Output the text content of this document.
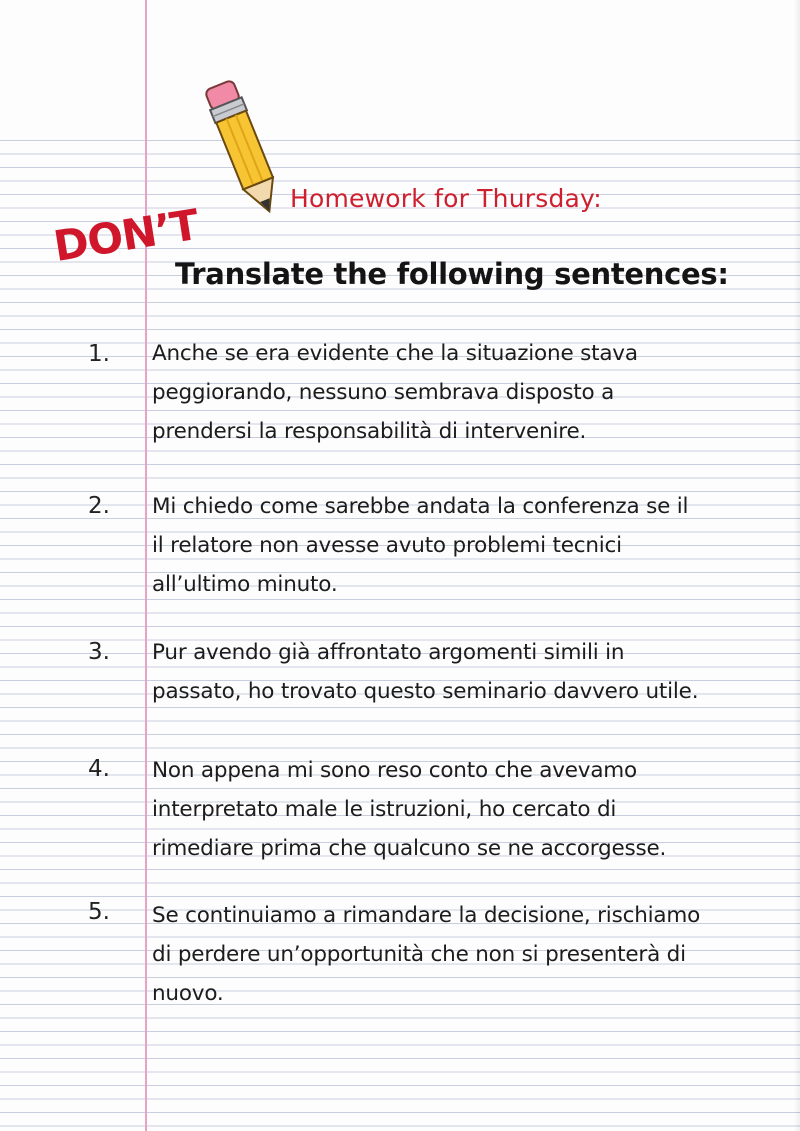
Homework for Thursday:
DON’T
Translate the following sentences:
1.	Anche se era evidente che la situazione stava
peggiorando, nessuno sembrava disposto a
prendersi la responsabilità di intervenire.
2.	Mi chiedo come sarebbe andata la conferenza se il
il relatore non avesse avuto problemi tecnici
all’ultimo minuto.
3.	Pur avendo già affrontato argomenti simili in
passato, ho trovato questo seminario davvero utile.
4.	Non appena mi sono reso conto che avevamo
interpretato male le istruzioni, ho cercato di
rimediare prima che qualcuno se ne accorgesse.
5.	Se continuiamo a rimandare la decisione, rischiamo
di perdere un’opportunità che non si presenterà di
nuovo.
